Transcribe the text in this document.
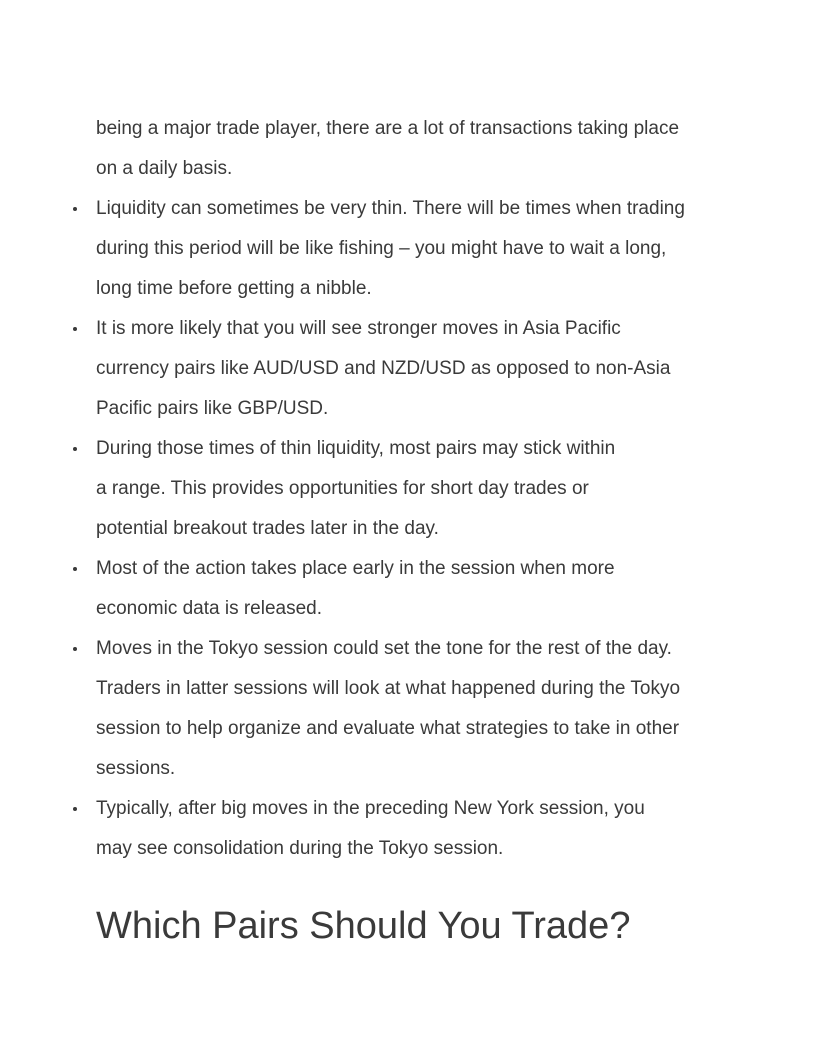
being a major trade player, there are a lot of transactions taking place
on a daily basis.

Liquidity can sometimes be very thin. There will be times when trading
during this period will be like fishing – you might have to wait a long,
long time before getting a nibble.
It is more likely that you will see stronger moves in Asia Pacific
currency pairs like AUD/USD and NZD/USD as opposed to non-Asia
Pacific pairs like GBP/USD.
During those times of thin liquidity, most pairs may stick within
a range. This provides opportunities for short day trades or
potential breakout trades later in the day.
Most of the action takes place early in the session when more
economic data is released.
Moves in the Tokyo session could set the tone for the rest of the day.
Traders in latter sessions will look at what happened during the Tokyo
session to help organize and evaluate what strategies to take in other
sessions.
Typically, after big moves in the preceding New York session, you
may see consolidation during the Tokyo session.
Which Pairs Should You Trade?
